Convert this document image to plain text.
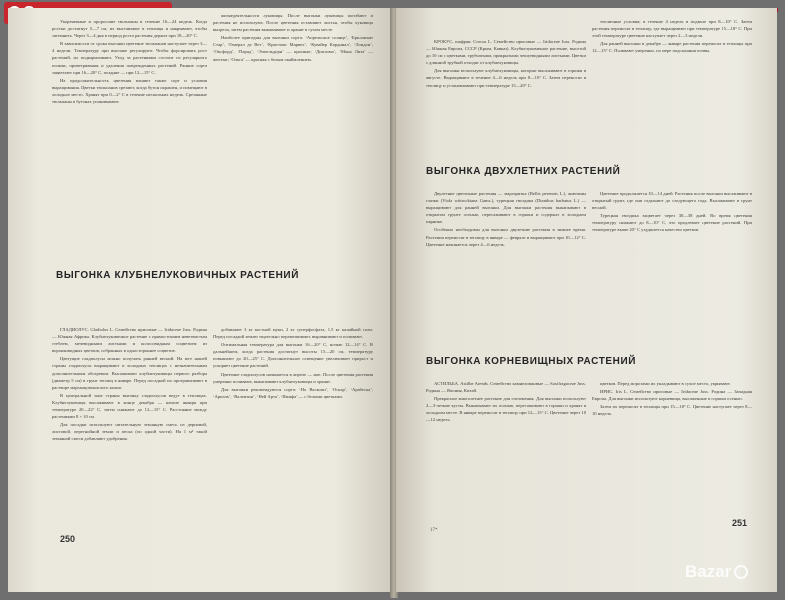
Укорененные и проросшие тюльпаны в течение 16—24 недель. Когда ростки достигнут 5—7 см, их выставляют в теплицы и накрывают, чтобы затемнить. Через 3—4 дня в период роста растения держат при 18—20° С.

В зависимости от срока выгонки цветение тюльпанов наступает через 3—4 недели. Температуру при выгонке регулируют. Чтобы форсировать рост растений, их подкармливают. Уход за растениями состоит из регулярного полива, проветривания и удаления поврежденных растений. Ранние сорта зацветают при 16—20° С, поздние — при 12—15° С.

На продолжительность цветения влияют также сорт и условия выращивания. Цветки тюльпанов срезают, когда бутон окрашен, и помещают в холодное место. Хранят при 0—2° С в течение нескольких недель. Срезанные тюльпаны в бутонах упаковывают.

жизнедеятельности луковицы. После выгонки луковицы погибают и растения не используют. После цветения оставляют листья, чтобы луковица вызрела, затем растения выкапывают и хранят в сухом месте.

Наиболее пригодны для выгонки сорта: ‘Апрельское солнце’, ‘Бриллиант Стар’, ‘Генерал де Вет’, ‘Кристмас Марвел’, ‘Кувайер Кардинал’, ‘Лондон’, ‘Оксфорд’, ‘Парад’, ‘Эппельдорн’ — красные; ‘Диплома’, ‘Мона Лиза’ — желтые; ‘Ольга’ — красная с белым окаймлением.

ВЫГОНКА КЛУБНЕЛУКОВИЧНЫХ РАСТЕНИЙ

ГЛАДИОЛУС. Gladiolus L. Семейство ирисовые — Iridaceae Juss. Родина — Южная Африка. Клубнелуковичное растение с прямостоячим неветвистым стеблем, мечевидными листьями и колосовидным соцветием из воронковидных цветков, собранных в одностороннее соцветие.

Цветущие гладиолусы можно получить ранней весной. На юге нашей страны гладиолусы выращивают в холодных теплицах с незначительным дополнительным обогревом. Высаживают клубнелуковицы первого разбора (диаметр 5 см) в грунт теплиц в январе. Перед посадкой их протравливают в растворе марганцовокислого калия.

В центральной зоне страны выгонку гладиолусов ведут в теплицах. Клубнелуковицы высаживают в конце декабря — начале января при температуре 20—22° С, затем снижают до 12—15° С. Расстояние между растениями 8 × 10 см.

Для посадки используют питательную земляную смесь из дерновой, листовой, перегнойной земли и песка (по одной части). На 1 м² такой земляной смеси добавляют удобрения.

добавляют 3 кг костной муки, 2 кг суперфосфата, 1,5 кг калийной соли. Перед посадкой землю тщательно перемешивают, выравнивают и поливают.

Оптимальная температура для выгонки 16—20° С, ночью 12—14° С. В дальнейшем, когда растения достигнут высоты 15—20 см, температуру повышают до 20—25° С. Дополнительное освещение увеличивает прирост и ускоряет цветение растений.

Цветение гладиолусов начинается в апреле — мае. После цветения растения умеренно поливают, выкапывают клубнелуковицы и хранят.

Для выгонки рекомендуются сорта: ‘Но Васкопи’, ‘Оскар’, ‘Арабеска’, ‘Ариэль’, ‘Валентин’, ‘Ней Арта’, ‘Нимфа’ — с белыми цветками.

250

КРОКУС, шафран. Crocus L. Семейство ирисовые — Iridaceae Juss. Родина — Южная Европа, СССР (Крым, Кавказ). Клубнелуковичное растение, высотой до 10 см с цветками, трубчатыми, прикрытыми чешуевидными листьями. Цветки с длинной трубкой отходят от клубнелуковицы.

Для выгонки используют клубнелуковицы, которые высаживают в горшки в августе. Выращивают в течение 4—6 недель при 8—10° С. Затем переносят в теплицу и устанавливают при температуре 15—20° С.

тепличные условия; в течение 4 недель в подвале при 8—10° С. Затем растения переносят в теплицу, где выращивают при температуре 15—18° С. При этой температуре цветение наступает через 2—3 недели.

Для ранней выгонки в декабре — январе растения переносят в теплицы при 12—15° С. Поливают умеренно, по мере подсыхания почвы.

ВЫГОНКА ДВУХЛЕТНИХ РАСТЕНИЙ

Двулетние цветочные растения — маргаритка (Bellis perennis L.), анютины глазки (Viola wittrockiana Gams.), турецкая гвоздика (Dianthus barbatus L.) — выращивают для ранней выгонки. Для выгонки растения выкапывают в открытом грунте осенью, пересаживают в горшки и содержат в холодном парнике.

Особенно необходимы для выгонки двулетние растения в зимнее время. Растения переносят в теплицу в январе — феврале и выращивают при 10—12° С. Цветение начинается через 4—6 недель.

Цветение продолжается 10—14 дней. Растения после выгонки высаживают в открытый грунт, где они отдыхают до следующего года. Высаживают в грунт весной.

Турецкая гвоздика зацветает через 30—38 дней. Во время цветения температуру снижают до 8—10° С, что продлевает цветение растений. При температуре выше 20° С ухудшается качество цветков.

ВЫГОНКА КОРНЕВИЩНЫХ РАСТЕНИЙ

АСТИЛЬБА. Astilbe Arends. Семейство камнеломковые — Saxifragaceae Juss. Родина — Япония, Китай.

Прекрасное многолетнее растение для озеленения. Для выгонки используют 2—3-летние кусты. Выкапывают их осенью, пересаживают в горшки и хранят в холодном месте. В январе переносят в теплицу при 12—15° С. Цветение через 10—12 недель.

цветков. Перед морозами их укладывают в сухое место, укрывают.

ИРИС. Iris L. Семейство ирисовые — Iridaceae Juss. Родина — Западная Европа. Для выгонки используют корневища, высаженные в горшки осенью.

Затем их переносят в теплицы при 15—18° С. Цветение наступает через 8—10 недель.

17*
251
Bazar
